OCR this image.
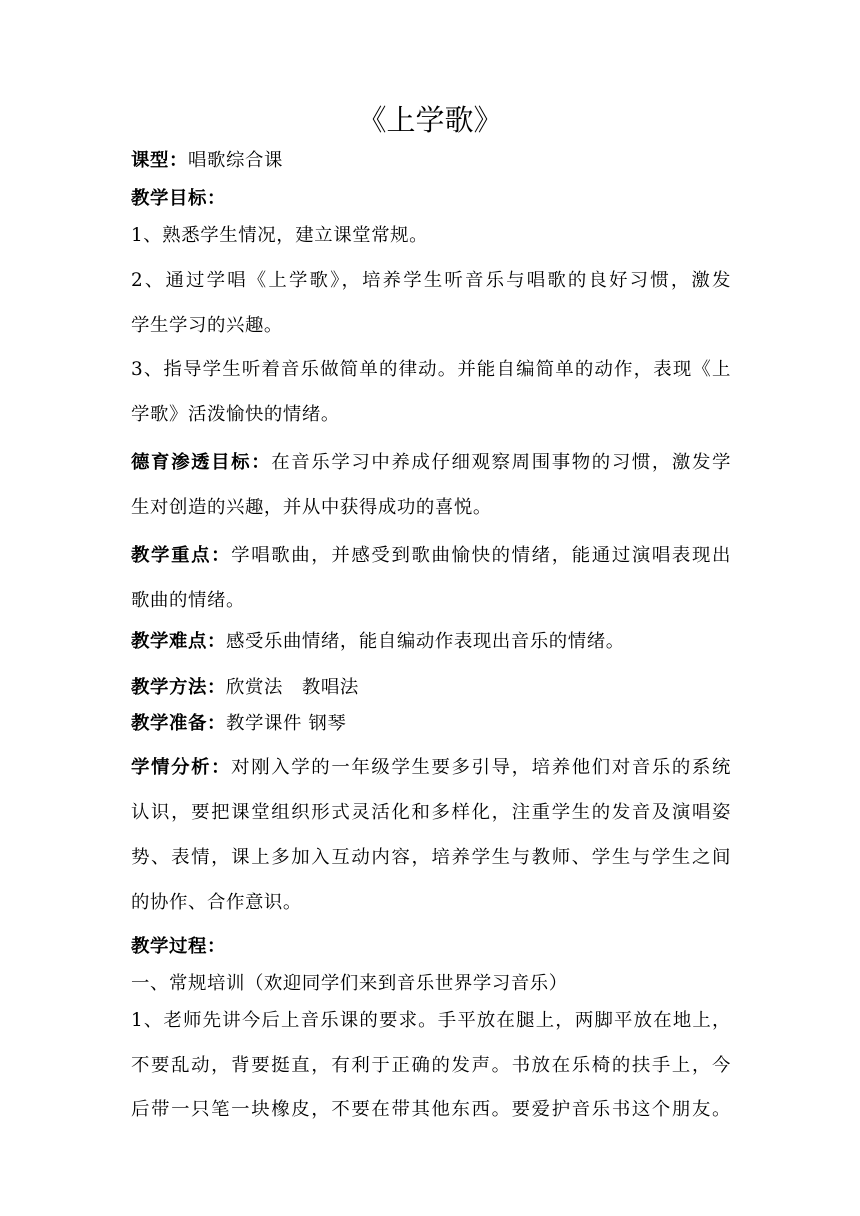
《上学歌》
课型：唱歌综合课
教学目标：
1、熟悉学生情况，建立课堂常规。
2、通过学唱《上学歌》，培养学生听音乐与唱歌的良好习惯，激发
学生学习的兴趣。
3、指导学生听着音乐做简单的律动。并能自编简单的动作，表现《上
学歌》活泼愉快的情绪。
德育渗透目标：在音乐学习中养成仔细观察周围事物的习惯，激发学
生对创造的兴趣，并从中获得成功的喜悦。
教学重点：学唱歌曲，并感受到歌曲愉快的情绪，能通过演唱表现出
歌曲的情绪。
教学难点：感受乐曲情绪，能自编动作表现出音乐的情绪。
教学方法：欣赏法　教唱法
教学准备：教学课件 钢琴
学情分析：对刚入学的一年级学生要多引导，培养他们对音乐的系统
认识，要把课堂组织形式灵活化和多样化，注重学生的发音及演唱姿
势、表情，课上多加入互动内容，培养学生与教师、学生与学生之间
的协作、合作意识。
教学过程：
一、常规培训（欢迎同学们来到音乐世界学习音乐）
1、老师先讲今后上音乐课的要求。手平放在腿上，两脚平放在地上，
不要乱动，背要挺直，有利于正确的发声。书放在乐椅的扶手上，今
后带一只笔一块橡皮，不要在带其他东西。要爱护音乐书这个朋友。
